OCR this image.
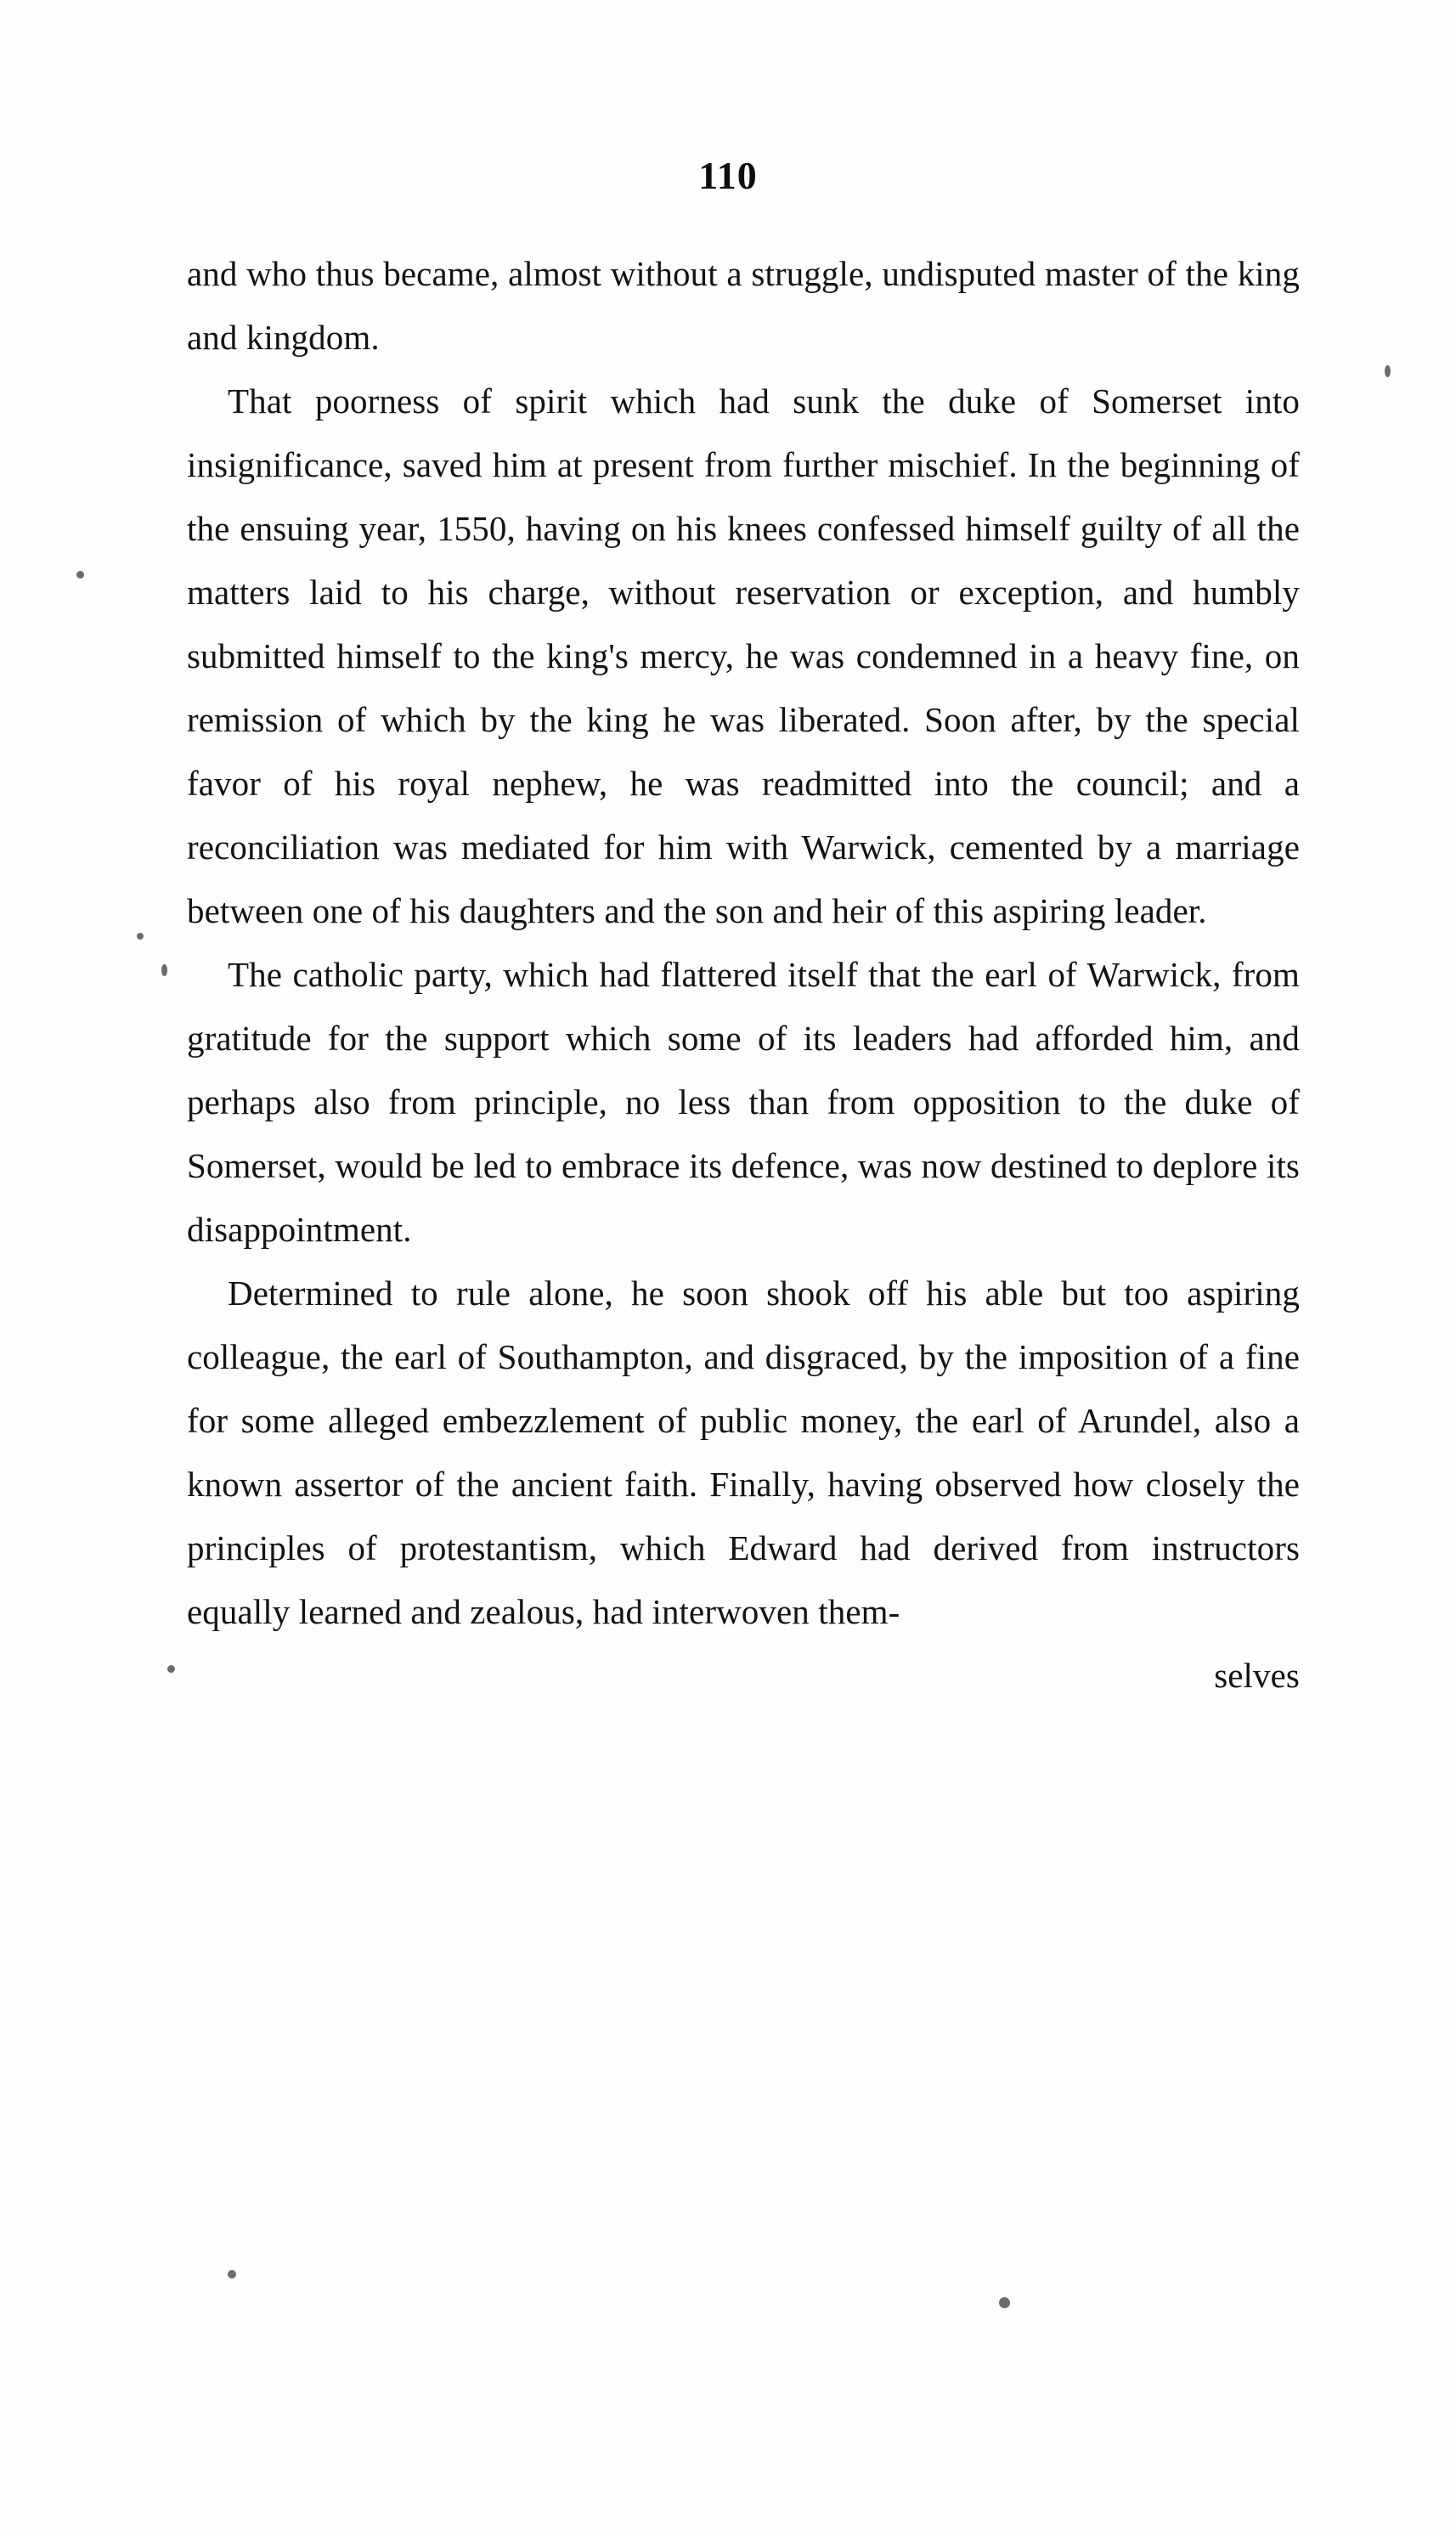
110

and who thus became, almost without a struggle, undisputed master of the king and kingdom.

That poorness of spirit which had sunk the duke of Somerset into insignificance, saved him at present from further mischief. In the beginning of the ensuing year, 1550, having on his knees confessed himself guilty of all the matters laid to his charge, without reservation or exception, and humbly submitted himself to the king's mercy, he was condemned in a heavy fine, on remission of which by the king he was liberated. Soon after, by the special favor of his royal nephew, he was readmitted into the council; and a reconciliation was mediated for him with Warwick, cemented by a marriage between one of his daughters and the son and heir of this aspiring leader.

The catholic party, which had flattered itself that the earl of Warwick, from gratitude for the support which some of its leaders had afforded him, and perhaps also from principle, no less than from opposition to the duke of Somerset, would be led to embrace its defence, was now destined to deplore its disappointment.

Determined to rule alone, he soon shook off his able but too aspiring colleague, the earl of Southampton, and disgraced, by the imposition of a fine for some alleged embezzlement of public money, the earl of Arundel, also a known assertor of the ancient faith. Finally, having observed how closely the principles of protestantism, which Edward had derived from instructors equally learned and zealous, had interwoven them-

selves
